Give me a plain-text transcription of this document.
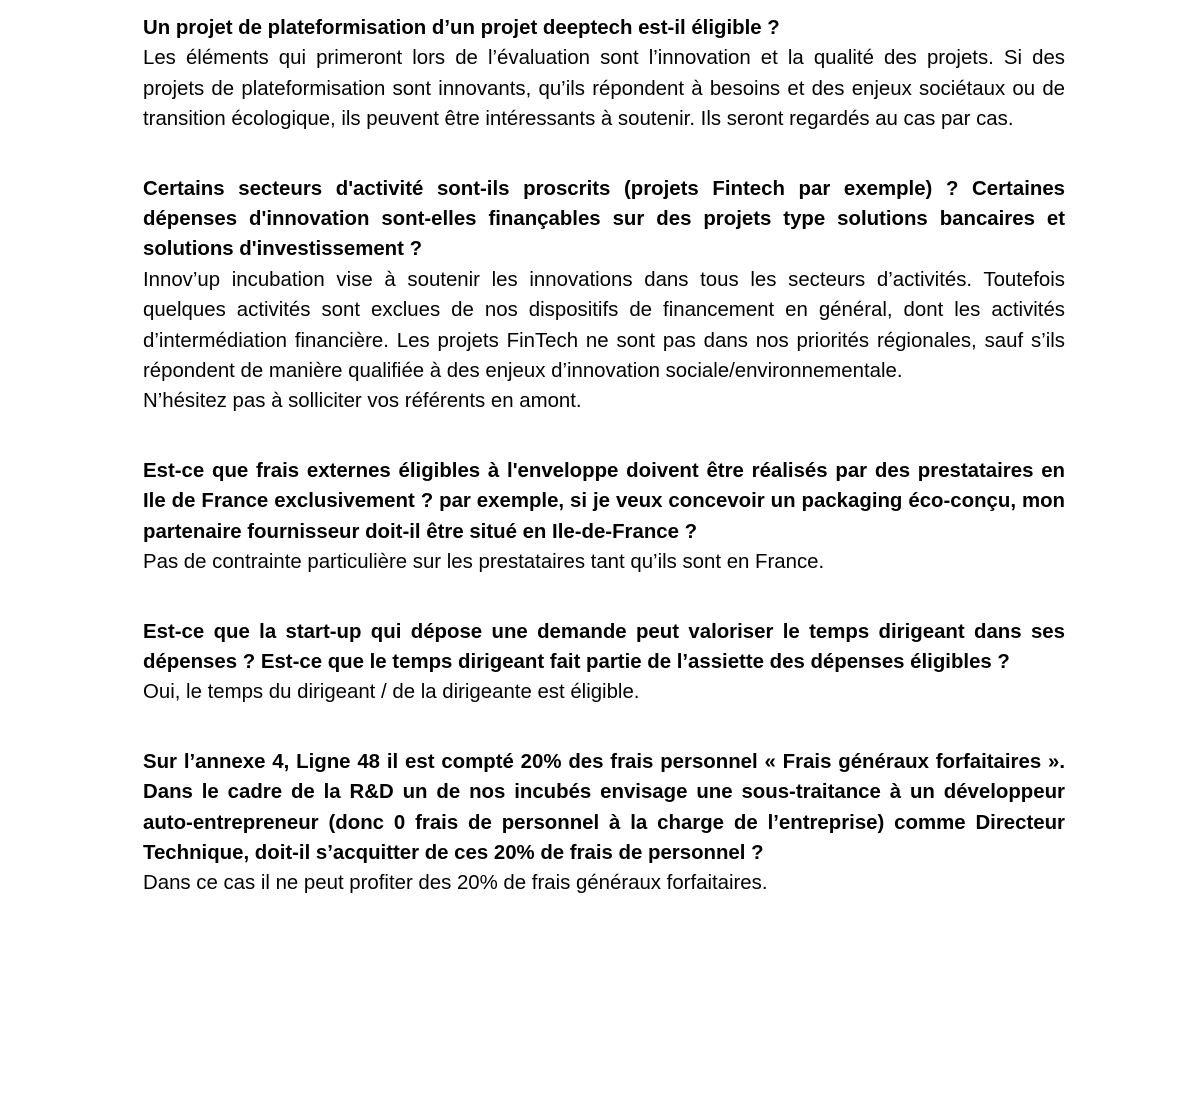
Un projet de plateformisation d’un projet deeptech est-il éligible ?
Les éléments qui primeront lors de l’évaluation sont l’innovation et la qualité des projets. Si des projets de plateformisation sont innovants, qu’ils répondent à besoins et des enjeux sociétaux ou de transition écologique, ils peuvent être intéressants à soutenir. Ils seront regardés au cas par cas.
Certains secteurs d'activité sont-ils proscrits (projets Fintech par exemple) ? Certaines dépenses d'innovation sont-elles finançables sur des projets type solutions bancaires et solutions d'investissement ?
Innov’up incubation vise à soutenir les innovations dans tous les secteurs d’activités. Toutefois quelques activités sont exclues de nos dispositifs de financement en général, dont les activités d’intermédiation financière. Les projets FinTech ne sont pas dans nos priorités régionales, sauf s’ils répondent de manière qualifiée à des enjeux d’innovation sociale/environnementale.
N’hésitez pas à solliciter vos référents en amont.
Est-ce que frais externes éligibles à l'enveloppe doivent être réalisés par des prestataires en Ile de France exclusivement ? par exemple, si je veux concevoir un packaging éco-conçu, mon partenaire fournisseur doit-il être situé en Ile-de-France ?
Pas de contrainte particulière sur les prestataires tant qu’ils sont en France.
Est-ce que la start-up qui dépose une demande peut valoriser le temps dirigeant dans ses dépenses ? Est-ce que le temps dirigeant fait partie de l’assiette des dépenses éligibles ?
Oui, le temps du dirigeant / de la dirigeante est éligible.
Sur l’annexe 4, Ligne 48 il est compté 20% des frais personnel « Frais généraux forfaitaires ». Dans le cadre de la R&D un de nos incubés envisage une sous-traitance à un développeur auto-entrepreneur (donc 0 frais de personnel à la charge de l’entreprise) comme Directeur Technique, doit-il s’acquitter de ces 20% de frais de personnel ?
Dans ce cas il ne peut profiter des 20% de frais généraux forfaitaires.
